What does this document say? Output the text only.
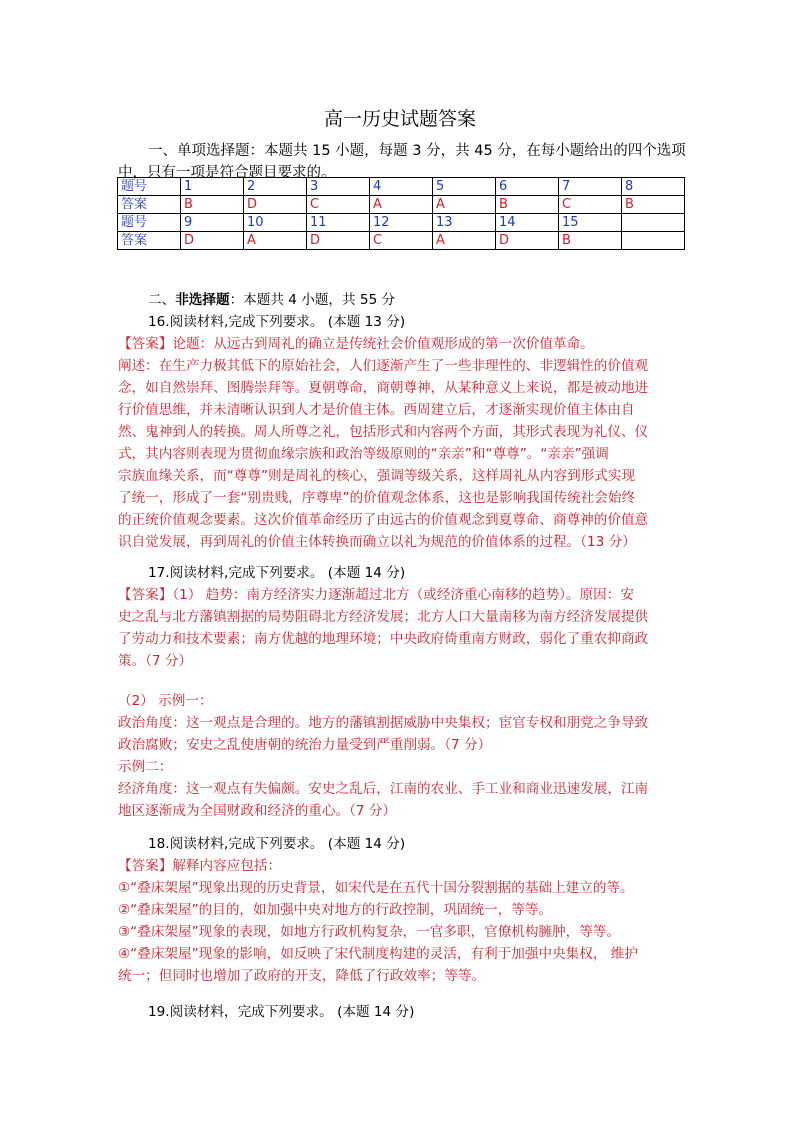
高一历史试题答案

一、单项选择题：本题共 15 小题，每题 3 分，共 45 分，在每小题给出的四个选项

中，只有一项是符合题目要求的。

题号	1	2	3	4	5	6	7	8
答案	B	D	C	A	A	B	C	B
题号	9	10	11	12	13	14	15	
答案	D	A	D	C	A	D	B	

二、非选择题：本题共 4 小题，共 55 分

16.阅读材料,完成下列要求。 (本题 13 分)

【答案】论题：从远古到周礼的确立是传统社会价值观形成的第一次价值革命。

阐述：在生产力极其低下的原始社会，人们逐渐产生了一些非理性的、非逻辑性的价值观

念，如自然崇拜、图腾崇拜等。夏朝尊命，商朝尊神，从某种意义上来说，都是被动地进

行价值思维，并未清晰认识到人才是价值主体。西周建立后，才逐渐实现价值主体由自

然、鬼神到人的转换。周人所尊之礼，包括形式和内容两个方面，其形式表现为礼仪、仪

式，其内容则表现为贯彻血缘宗族和政治等级原则的“亲亲”和“尊尊”。“亲亲”强调

宗族血缘关系，而“尊尊”则是周礼的核心，强调等级关系，这样周礼从内容到形式实现

了统一，形成了一套“别贵贱，序尊卑”的价值观念体系，这也是影响我国传统社会始终

的正统价值观念要素。这次价值革命经历了由远古的价值观念到夏尊命、商尊神的价值意

识自觉发展，再到周礼的价值主体转换而确立以礼为规范的价值体系的过程。（13 分）

17.阅读材料,完成下列要求。 (本题 14 分)

【答案】（1） 趋势：南方经济实力逐渐超过北方（或经济重心南移的趋势）。原因：安

史之乱与北方藩镇割据的局势阻碍北方经济发展；北方人口大量南移为南方经济发展提供

了劳动力和技术要素；南方优越的地理环境；中央政府倚重南方财政，弱化了重农抑商政

策。（7 分）

（2） 示例一：

政治角度：这一观点是合理的。地方的藩镇割据威胁中央集权；宦官专权和朋党之争导致

政治腐败；安史之乱使唐朝的统治力量受到严重削弱。（7 分）

示例二：

经济角度：这一观点有失偏颇。安史之乱后，江南的农业、手工业和商业迅速发展，江南

地区逐渐成为全国财政和经济的重心。（7 分）

18.阅读材料,完成下列要求。 (本题 14 分)

【答案】解释内容应包括：

①“叠床架屋”现象出现的历史背景，如宋代是在五代十国分裂割据的基础上建立的等。

②“叠床架屋”的目的，如加强中央对地方的行政控制，巩固统一，等等。

③“叠床架屋”现象的表现，如地方行政机构复杂，一官多职，官僚机构臃肿，等等。

④“叠床架屋”现象的影响，如反映了宋代制度构建的灵活，有利于加强中央集权， 维护

统一；但同时也增加了政府的开支，降低了行政效率；等等。

19.阅读材料，完成下列要求。 (本题 14 分)
